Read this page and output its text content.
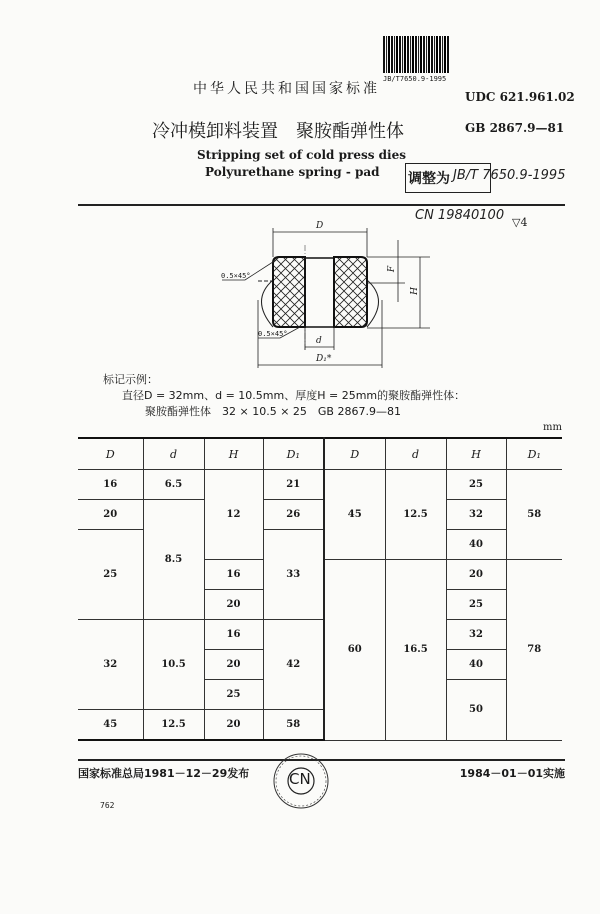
中华人民共和国国家标准
JB/T7650.9-1995
UDC 621.961.02
冷冲模卸料装置　聚胺酯弹性体	GB 2867.9—81
Stripping set of cold press dies
Polyurethane spring - pad 调整为 JB/T 7650.9-1995
CN 19840100 ▽4
D
F
H
d
D₁*
0.5×45°
0.5×45°
标记示例：
直径D = 32mm、d = 10.5mm、厚度H = 25mm的聚胺酯弹性体：
聚胺酯弹性体　32 × 10.5 × 25　GB 2867.9—81
mm
D	d	H	D₁	D	d	H	D₁
16	6.5	12	21	45	12.5	25	58
20	8.5		26			32	
25			33			40	
		16		60	16.5	20	78
		20				25	
32	10.5	16	42			32	
		20				40	
		25				50	
45	12.5	20	58				
国家标准总局1981－12－29发布	1984－01－01实施
CN
762
